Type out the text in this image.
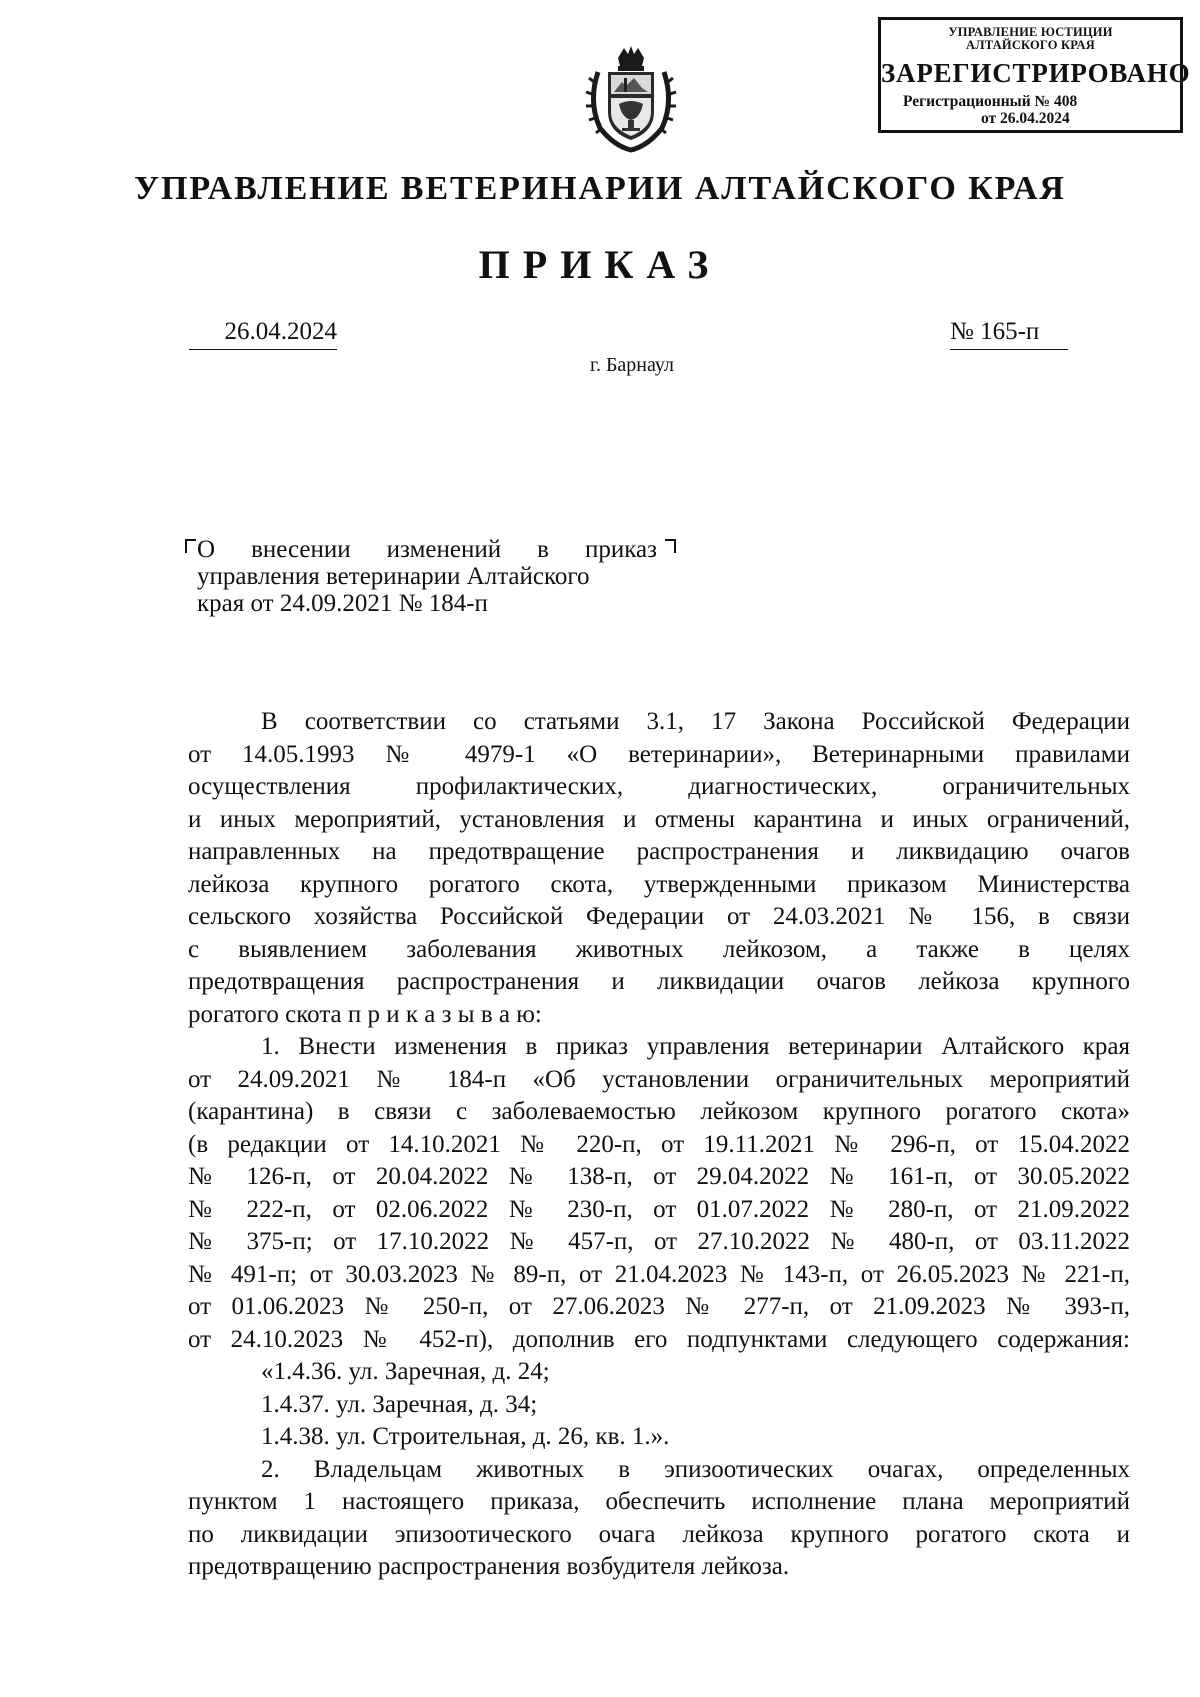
УПРАВЛЕНИЕ ЮСТИЦИИ
АЛТАЙСКОГО КРАЯ
ЗАРЕГИСТРИРОВАНО
Регистрационный № 408
от 26.04.2024
УПРАВЛЕНИЕ ВЕТЕРИНАРИИ АЛТАЙСКОГО КРАЯ
ПРИКАЗ
26.04.2024	№ 165-п
г. Барнаул
О внесении изменений в приказ
управления ветеринарии Алтайского
края от 24.09.2021 № 184-п
В соответствии со статьями 3.1, 17 Закона Российской Федерации
от 14.05.1993 № 4979-1 «О ветеринарии», Ветеринарными правилами
осуществления профилактических, диагностических, ограничительных
и иных мероприятий, установления и отмены карантина и иных ограничений,
направленных на предотвращение распространения и ликвидацию очагов
лейкоза крупного рогатого скота, утвержденными приказом Министерства
сельского хозяйства Российской Федерации от 24.03.2021 № 156, в связи
с выявлением заболевания животных лейкозом, а также в целях
предотвращения распространения и ликвидации очагов лейкоза крупного
рогатого скота п р и к а з ы в а ю:
1. Внести изменения в приказ управления ветеринарии Алтайского края
от 24.09.2021 № 184-п «Об установлении ограничительных мероприятий
(карантина) в связи с заболеваемостью лейкозом крупного рогатого скота»
(в редакции от 14.10.2021 № 220-п, от 19.11.2021 № 296-п, от 15.04.2022
№ 126-п, от 20.04.2022 № 138-п, от 29.04.2022 № 161-п, от 30.05.2022
№ 222-п, от 02.06.2022 № 230-п, от 01.07.2022 № 280-п, от 21.09.2022
№ 375-п; от 17.10.2022 № 457-п, от 27.10.2022 № 480-п, от 03.11.2022
№ 491-п; от 30.03.2023 № 89-п, от 21.04.2023 № 143-п, от 26.05.2023 № 221-п,
от 01.06.2023 № 250-п, от 27.06.2023 № 277-п, от 21.09.2023 № 393-п,
от 24.10.2023 № 452-п), дополнив его подпунктами следующего содержания:
«1.4.36. ул. Заречная, д. 24;
1.4.37. ул. Заречная, д. 34;
1.4.38. ул. Строительная, д. 26, кв. 1.».
2. Владельцам животных в эпизоотических очагах, определенных
пунктом 1 настоящего приказа, обеспечить исполнение плана мероприятий
по ликвидации эпизоотического очага лейкоза крупного рогатого скота и
предотвращению распространения возбудителя лейкоза.
